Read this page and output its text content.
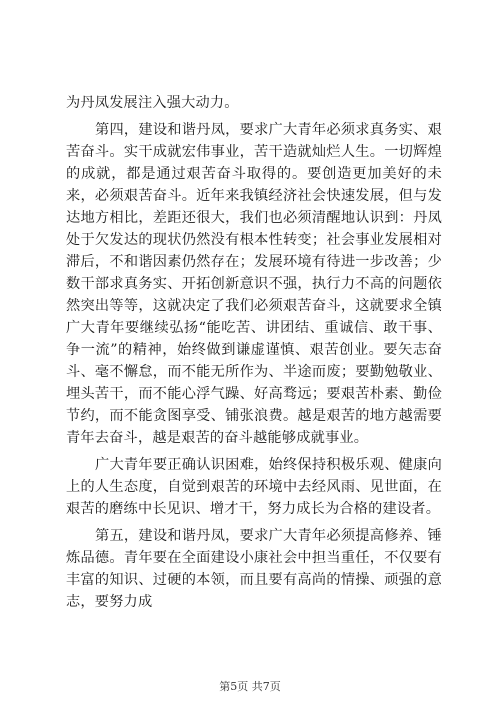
为丹凤发展注入强大动力。

第四，建设和谐丹凤，要求广大青年必须求真务实、艰苦奋斗。实干成就宏伟事业，苦干造就灿烂人生。一切辉煌的成就，都是通过艰苦奋斗取得的。要创造更加美好的未来，必须艰苦奋斗。近年来我镇经济社会快速发展，但与发达地方相比，差距还很大，我们也必须清醒地认识到：丹凤处于欠发达的现状仍然没有根本性转变；社会事业发展相对滞后，不和谐因素仍然存在；发展环境有待进一步改善；少数干部求真务实、开拓创新意识不强，执行力不高的问题依然突出等等，这就决定了我们必须艰苦奋斗，这就要求全镇广大青年要继续弘扬“能吃苦、讲团结、重诚信、敢干事、争一流”的精神，始终做到谦虚谨慎、艰苦创业。要矢志奋斗、毫不懈怠，而不能无所作为、半途而废；要勤勉敬业、埋头苦干，而不能心浮气躁、好高骛远；要艰苦朴素、勤俭节约，而不能贪图享受、铺张浪费。越是艰苦的地方越需要青年去奋斗，越是艰苦的奋斗越能够成就事业。

广大青年要正确认识困难，始终保持积极乐观、健康向上的人生态度，自觉到艰苦的环境中去经风雨、见世面，在艰苦的磨练中长见识、增才干，努力成长为合格的建设者。

第五，建设和谐丹凤，要求广大青年必须提高修养、锤炼品德。青年要在全面建设小康社会中担当重任，不仅要有丰富的知识、过硬的本领，而且要有高尚的情操、顽强的意志，要努力成

第5页 共7页
